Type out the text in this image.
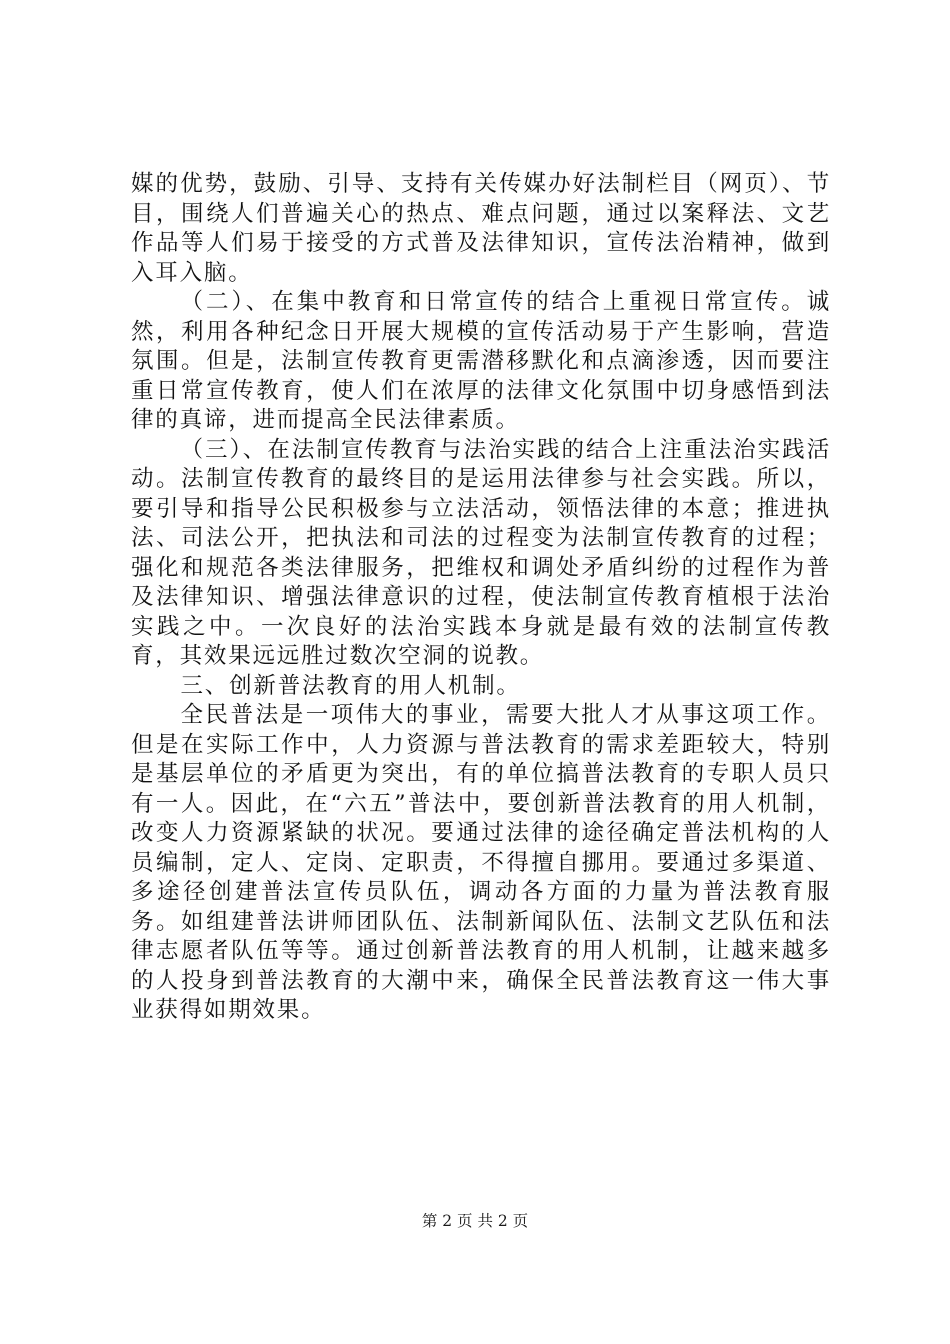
媒的优势，鼓励、引导、支持有关传媒办好法制栏目（网页）、节目，围绕人们普遍关心的热点、难点问题，通过以案释法、文艺作品等人们易于接受的方式普及法律知识，宣传法治精神，做到入耳入脑。

（二）、在集中教育和日常宣传的结合上重视日常宣传。诚然，利用各种纪念日开展大规模的宣传活动易于产生影响，营造氛围。但是，法制宣传教育更需潜移默化和点滴渗透，因而要注重日常宣传教育，使人们在浓厚的法律文化氛围中切身感悟到法律的真谛，进而提高全民法律素质。

（三）、在法制宣传教育与法治实践的结合上注重法治实践活动。法制宣传教育的最终目的是运用法律参与社会实践。所以，要引导和指导公民积极参与立法活动，领悟法律的本意；推进执法、司法公开，把执法和司法的过程变为法制宣传教育的过程；强化和规范各类法律服务，把维权和调处矛盾纠纷的过程作为普及法律知识、增强法律意识的过程，使法制宣传教育植根于法治实践之中。一次良好的法治实践本身就是最有效的法制宣传教育，其效果远远胜过数次空洞的说教。

三、创新普法教育的用人机制。

全民普法是一项伟大的事业，需要大批人才从事这项工作。但是在实际工作中，人力资源与普法教育的需求差距较大，特别是基层单位的矛盾更为突出，有的单位搞普法教育的专职人员只有一人。因此，在“六五”普法中，要创新普法教育的用人机制，改变人力资源紧缺的状况。要通过法律的途径确定普法机构的人员编制，定人、定岗、定职责，不得擅自挪用。要通过多渠道、多途径创建普法宣传员队伍，调动各方面的力量为普法教育服务。如组建普法讲师团队伍、法制新闻队伍、法制文艺队伍和法律志愿者队伍等等。通过创新普法教育的用人机制，让越来越多的人投身到普法教育的大潮中来，确保全民普法教育这一伟大事业获得如期效果。

第 2 页 共 2 页
